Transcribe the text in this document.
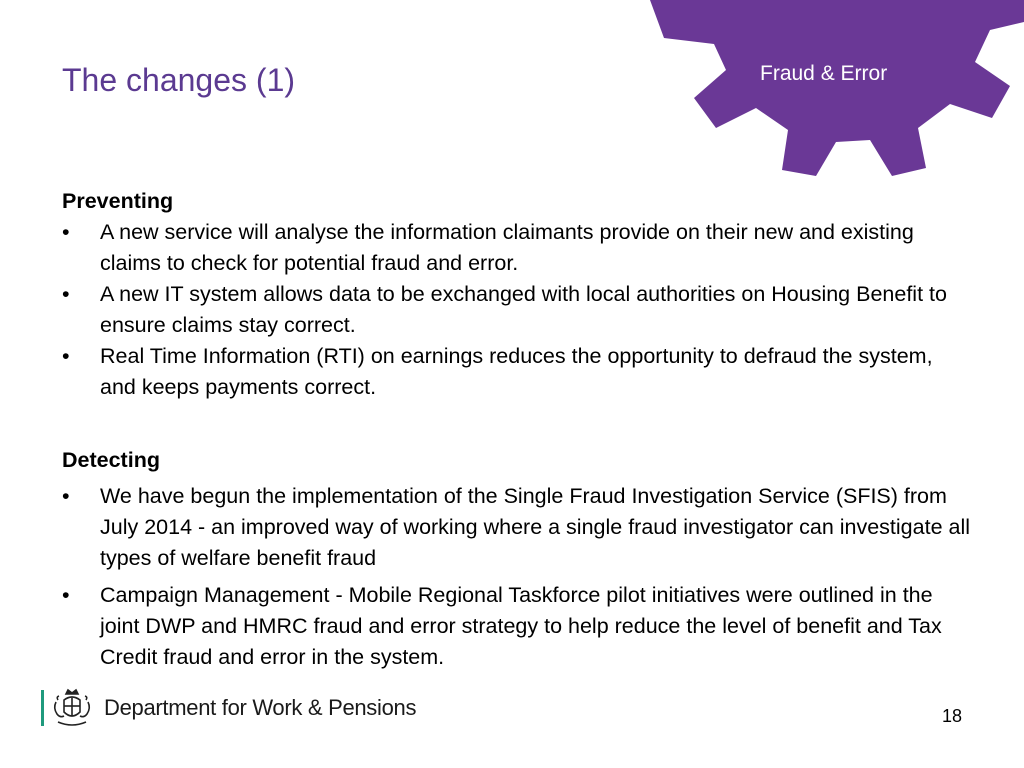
Fraud & Error
The changes (1)

Preventing

•	A new service will analyse the information claimants provide on their new and existing claims to check for potential fraud and error.
•	A new IT system allows data to be exchanged with local authorities on Housing Benefit to ensure claims stay correct.
•	Real Time Information (RTI) on earnings reduces the opportunity to defraud the system, and keeps payments correct.

Detecting

•	We have begun the implementation of the Single Fraud Investigation Service (SFIS) from July 2014 - an improved way of working where a single fraud investigator can investigate all types of welfare benefit fraud
•	Campaign Management - Mobile Regional Taskforce pilot initiatives were outlined in the joint DWP and HMRC fraud and error strategy to help reduce the level of benefit and Tax Credit fraud and error in the system.
Department for Work & Pensions	18
